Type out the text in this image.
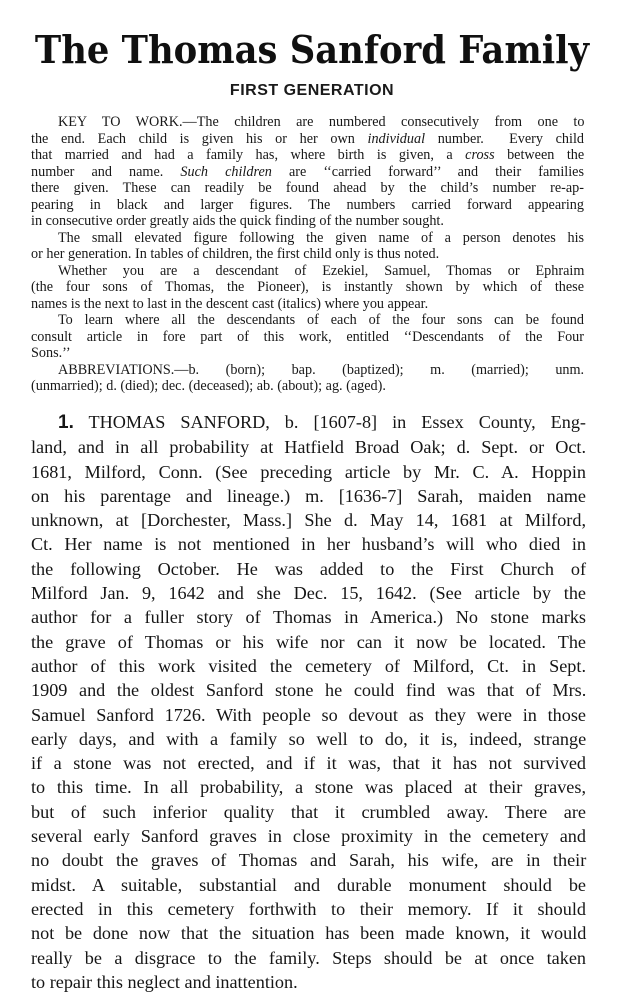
The Thomas Sanford Family
FIRST GENERATION
KEY TO WORK.—The children are numbered consecutively from one to
the end. Each child is given his or her own individual number.  Every child
that married and had a family has, where birth is given, a cross between the
number and name. Such children are ‘‘carried forward’’ and their families
there given. These can readily be found ahead by the child’s number re-ap-
pearing in black and larger figures. The numbers carried forward appearing
in consecutive order greatly aids the quick finding of the number sought.
The small elevated figure following the given name of a person denotes his
or her generation. In tables of children, the first child only is thus noted.
Whether you are a descendant of Ezekiel, Samuel, Thomas or Ephraim
(the four sons of Thomas, the Pioneer), is instantly shown by which of these
names is the next to last in the descent cast (italics) where you appear.
To learn where all the descendants of each of the four sons can be found
consult article in fore part of this work, entitled ‘‘Descendants of the Four
Sons.’’
ABBREVIATIONS.—b. (born); bap. (baptized); m. (married); unm.
(unmarried); d. (died); dec. (deceased); ab. (about); ag. (aged).
1. THOMAS SANFORD, b. [1607-8] in Essex County, Eng-
land, and in all probability at Hatfield Broad Oak; d. Sept. or Oct.
1681, Milford, Conn. (See preceding article by Mr. C. A. Hoppin
on his parentage and lineage.) m. [1636-7] Sarah, maiden name
unknown, at [Dorchester, Mass.] She d. May 14, 1681 at Milford,
Ct. Her name is not mentioned in her husband’s will who died in
the following October. He was added to the First Church of
Milford Jan. 9, 1642 and she Dec. 15, 1642. (See article by the
author for a fuller story of Thomas in America.) No stone marks
the grave of Thomas or his wife nor can it now be located. The
author of this work visited the cemetery of Milford, Ct. in Sept.
1909 and the oldest Sanford stone he could find was that of Mrs.
Samuel Sanford 1726. With people so devout as they were in those
early days, and with a family so well to do, it is, indeed, strange
if a stone was not erected, and if it was, that it has not survived
to this time. In all probability, a stone was placed at their graves,
but of such inferior quality that it crumbled away. There are
several early Sanford graves in close proximity in the cemetery and
no doubt the graves of Thomas and Sarah, his wife, are in their
midst. A suitable, substantial and durable monument should be
erected in this cemetery forthwith to their memory. If it should
not be done now that the situation has been made known, it would
really be a disgrace to the family. Steps should be at once taken
to repair this neglect and inattention.
